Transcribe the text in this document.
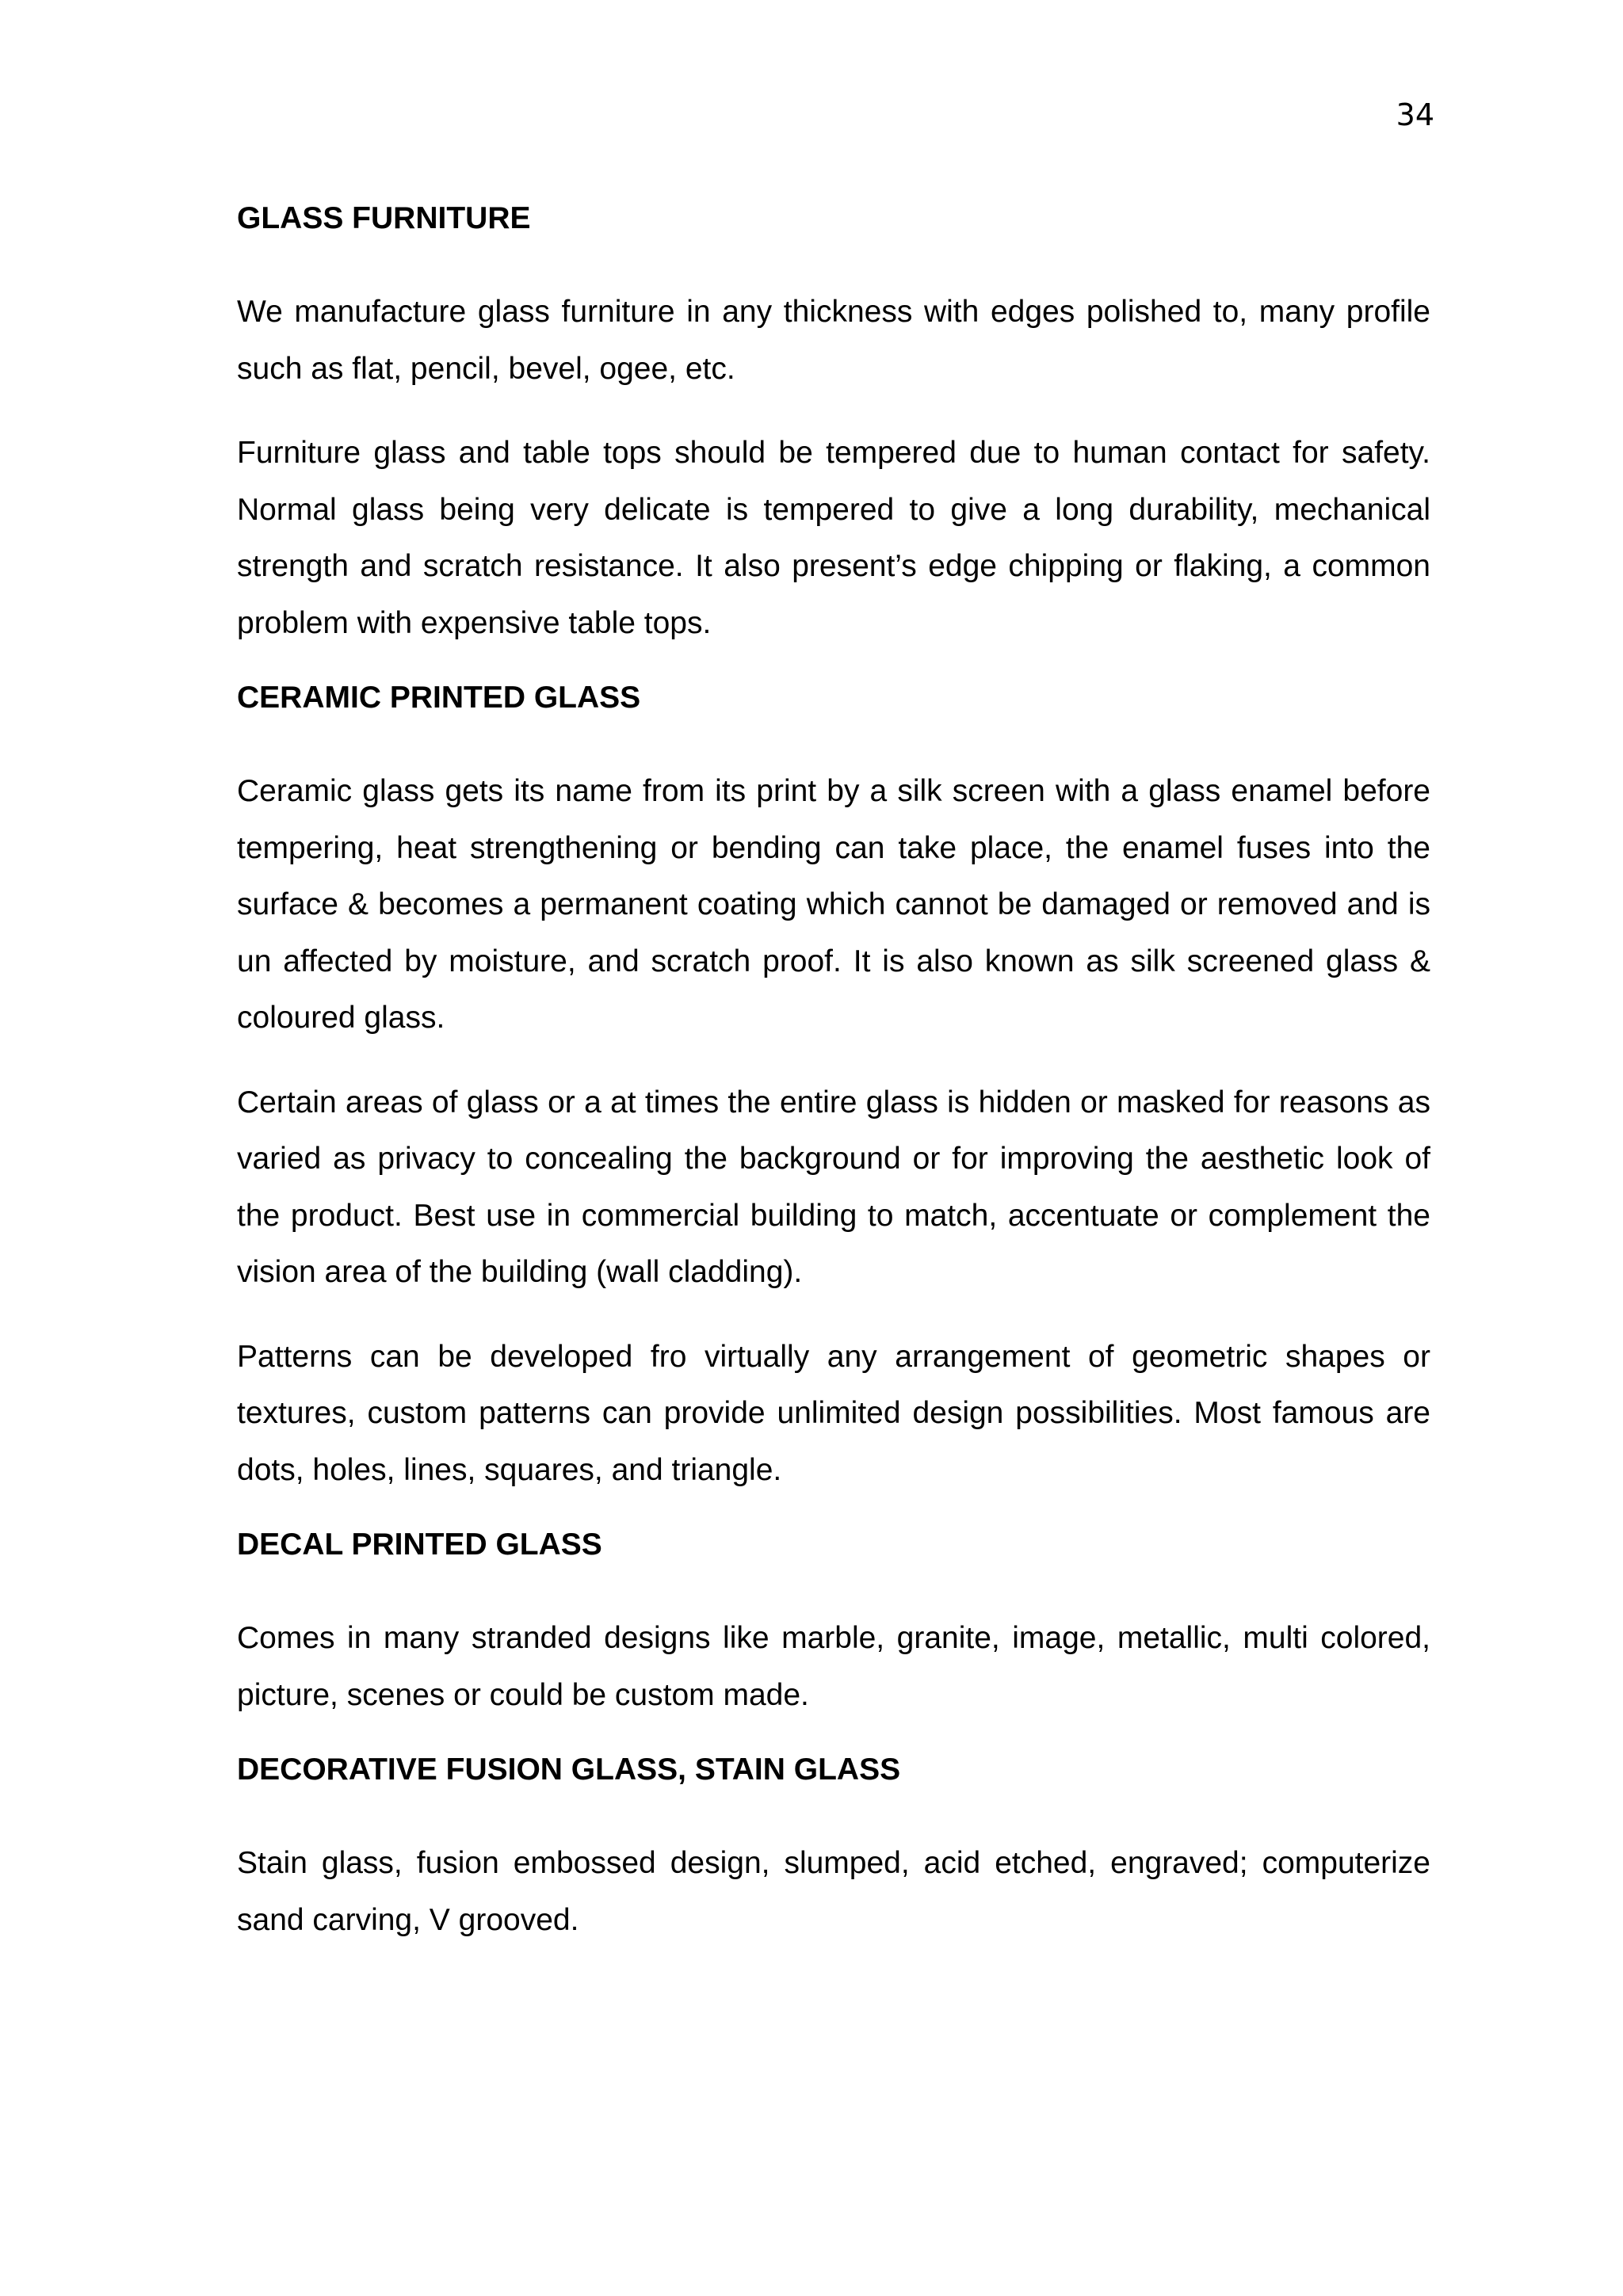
34
GLASS FURNITURE

We manufacture glass furniture in any thickness with edges polished to, many profile such as flat, pencil, bevel, ogee, etc.

Furniture glass and table tops should be tempered due to human contact for safety. Normal glass being very delicate is tempered to give a long durability, mechanical strength and scratch resistance. It also present’s edge chipping or flaking, a common problem with expensive table tops.

CERAMIC PRINTED GLASS

Ceramic glass gets its name from its print by a silk screen with a glass enamel before tempering, heat strengthening or bending can take place, the enamel fuses into the surface & becomes a permanent coating which cannot be damaged or removed and is un affected by moisture, and scratch proof. It is also known as silk screened glass & coloured glass.

Certain areas of glass or a at times the entire glass is hidden or masked for reasons as varied as privacy to concealing the background or for improving the aesthetic look of the product. Best use in commercial building to match, accentuate or complement the vision area of the building (wall cladding).

Patterns can be developed fro virtually any arrangement of geometric shapes or textures, custom patterns can provide unlimited design possibilities. Most famous are dots, holes, lines, squares, and triangle.

DECAL PRINTED GLASS

Comes in many stranded designs like marble, granite, image, metallic, multi colored, picture, scenes or could be custom made.

DECORATIVE FUSION GLASS, STAIN GLASS

Stain glass, fusion embossed design, slumped, acid etched, engraved; computerize sand carving, V grooved.
